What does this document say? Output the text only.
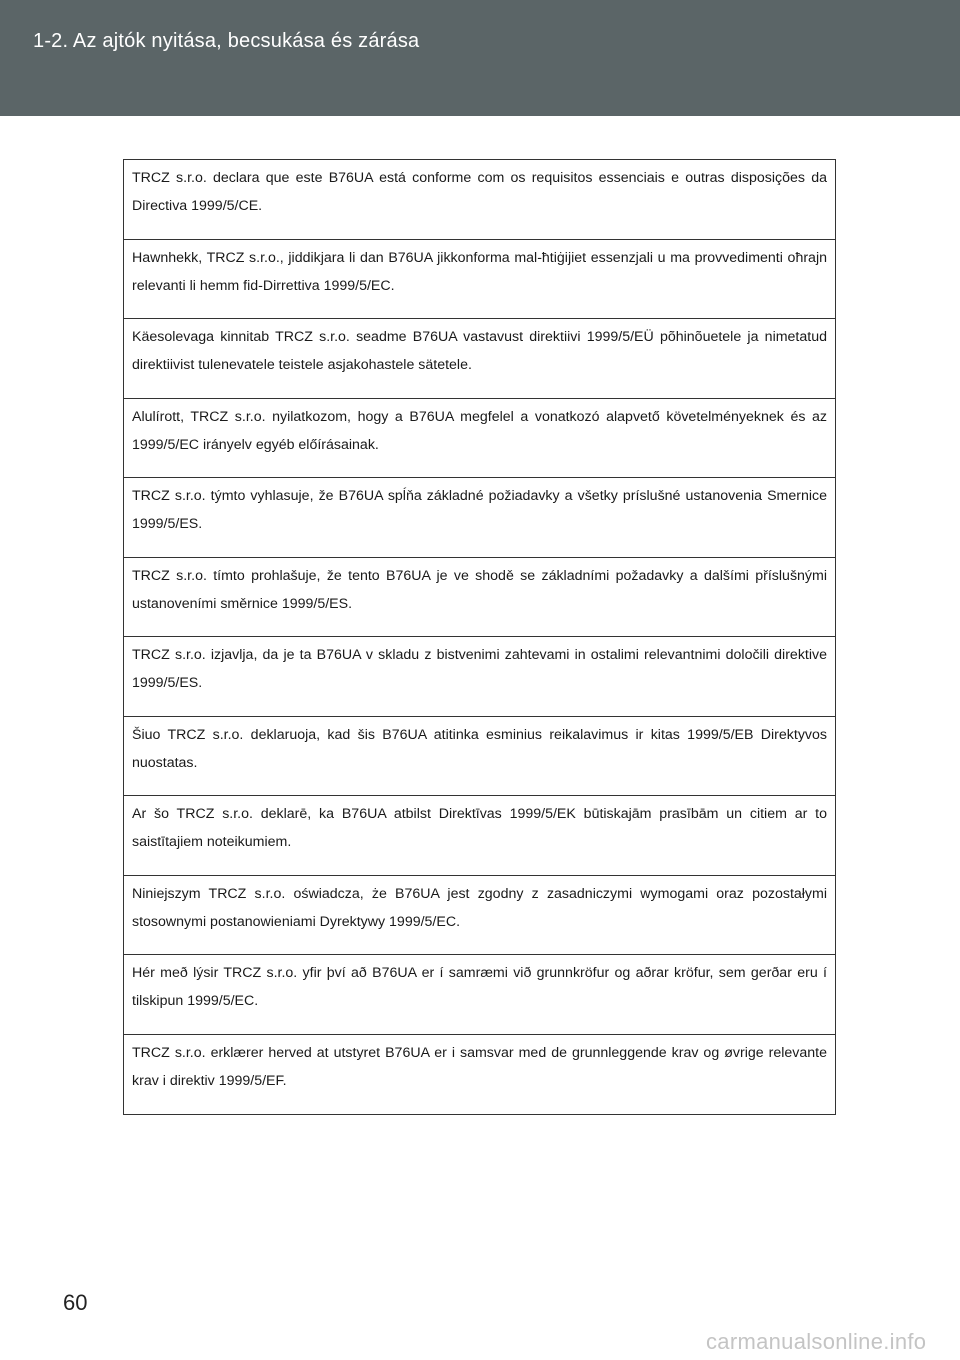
1-2. Az ajtók nyitása, becsukása és zárása
TRCZ s.r.o. declara que este B76UA está conforme com os requisitos essenciais e outras disposições da Directiva 1999/5/CE.
Hawnhekk, TRCZ s.r.o., jiddikjara li dan B76UA jikkonforma mal-ħtiġijiet essenzjali u ma provvedimenti oħrajn relevanti li hemm fid-Dirrettiva 1999/5/EC.
Käesolevaga kinnitab TRCZ s.r.o. seadme B76UA vastavust direktiivi 1999/5/EÜ põhinõuetele ja nimetatud direktiivist tulenevatele teistele asjakohastele sätetele.
Alulírott, TRCZ s.r.o. nyilatkozom, hogy a B76UA megfelel a vonatkozó alapvető követelményeknek és az 1999/5/EC irányelv egyéb előírásainak.
TRCZ s.r.o. týmto vyhlasuje, že B76UA spĺňa základné požiadavky a všetky príslušné ustanovenia Smernice 1999/5/ES.
TRCZ s.r.o. tímto prohlašuje, že tento B76UA je ve shodě se základními požadavky a dalšími příslušnými ustanoveními směrnice 1999/5/ES.
TRCZ s.r.o. izjavlja, da je ta B76UA v skladu z bistvenimi zahtevami in ostalimi relevantnimi določili direktive 1999/5/ES.
Šiuo TRCZ s.r.o. deklaruoja, kad šis B76UA atitinka esminius reikalavimus ir kitas 1999/5/EB Direktyvos nuostatas.
Ar šo TRCZ s.r.o. deklarē, ka B76UA atbilst Direktīvas 1999/5/EK būtiskajām prasībām un citiem ar to saistītajiem noteikumiem.
Niniejszym TRCZ s.r.o. oświadcza, że B76UA jest zgodny z zasadniczymi wymogami oraz pozostałymi stosownymi postanowieniami Dyrektywy 1999/5/EC.
Hér með lýsir TRCZ s.r.o. yfir því að B76UA er í samræmi við grunnkröfur og aðrar kröfur, sem gerðar eru í tilskipun 1999/5/EC.
TRCZ s.r.o. erklærer herved at utstyret B76UA er i samsvar med de grunnleggende krav og øvrige relevante krav i direktiv 1999/5/EF.
60
carmanualsonline.info
